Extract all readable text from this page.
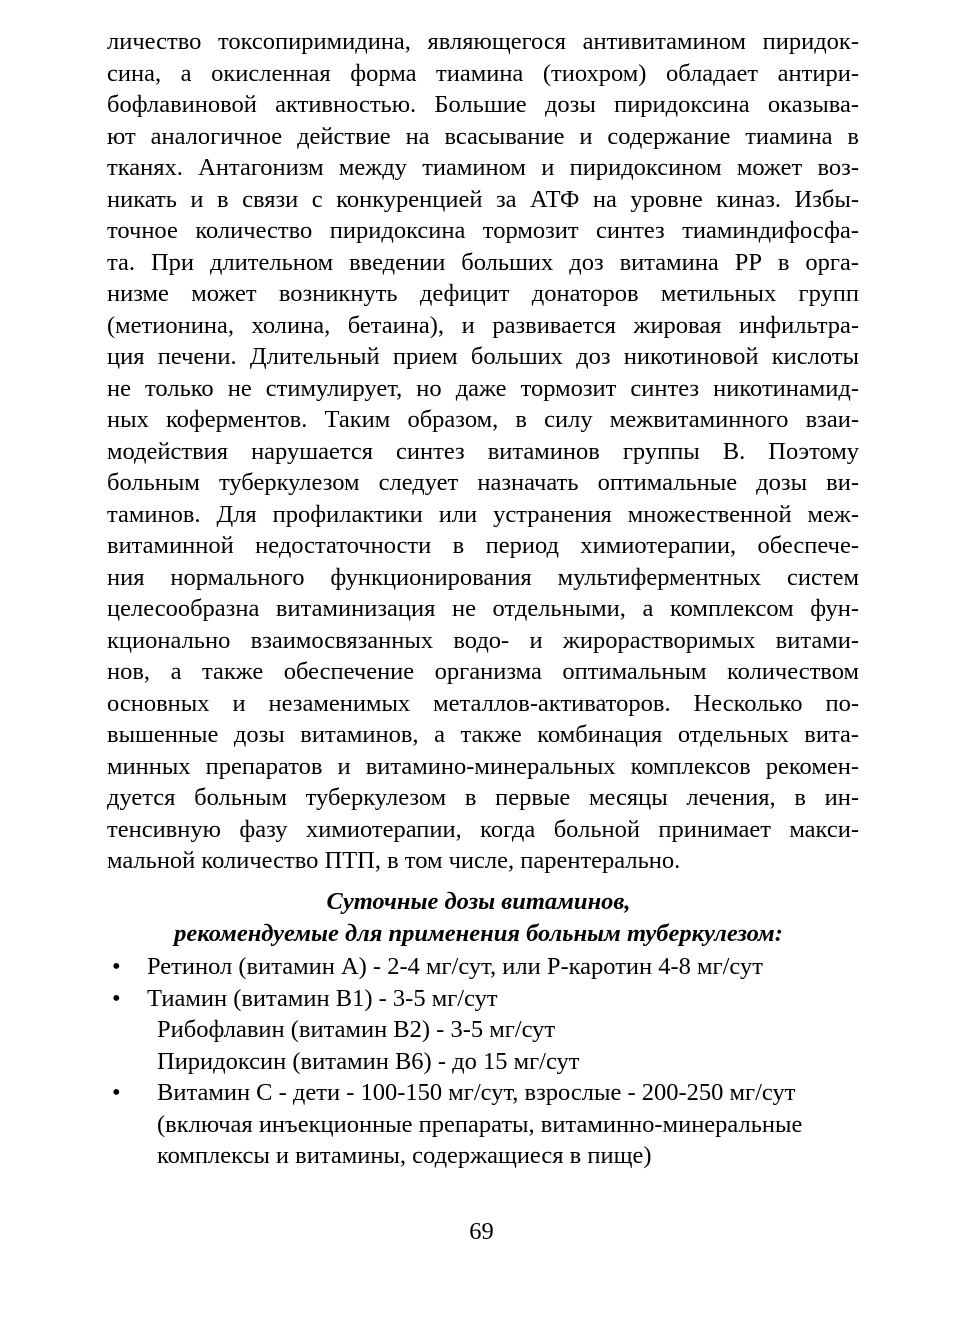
личество токсопиримидина, являющегося антивитамином пиридок-
сина, а окисленная форма тиамина (тиохром) обладает антири-
бофлавиновой активностью. Большие дозы пиридоксина оказыва-
ют аналогичное действие на всасывание и содержание тиамина в
тканях. Антагонизм между тиамином и пиридоксином может воз-
никать и в связи с конкуренцией за АТФ на уровне киназ. Избы-
точное количество пиридоксина тормозит синтез тиаминдифосфа-
та. При длительном введении больших доз витамина РР в орга-
низме может возникнуть дефицит донаторов метильных групп
(метионина, холина, бетаина), и развивается жировая инфильтра-
ция печени. Длительный прием больших доз никотиновой кислоты
не только не стимулирует, но даже тормозит синтез никотинамид-
ных коферментов. Таким образом, в силу межвитаминного взаи-
модействия нарушается синтез витаминов группы В. Поэтому
больным туберкулезом следует назначать оптимальные дозы ви-
таминов. Для профилактики или устранения множественной меж-
витаминной недостаточности в период химиотерапии, обеспече-
ния нормального функционирования мультиферментных систем
целесообразна витаминизация не отдельными, а комплексом фун-
кционально взаимосвязанных водо- и жирорастворимых витами-
нов, а также обеспечение организма оптимальным количеством
основных и незаменимых металлов-активаторов. Несколько по-
вышенные дозы витаминов, а также комбинация отдельных вита-
минных препаратов и витамино-минеральных комплексов рекомен-
дуется больным туберкулезом в первые месяцы лечения, в ин-
тенсивную фазу химиотерапии, когда больной принимает макси-
мальной количество ПТП, в том числе, парентерально.
Суточные дозы витаминов,
рекомендуемые для применения больным туберкулезом:
• Ретинол (витамин А) - 2-4 мг/сут, или Р-каротин 4-8 мг/сут
• Тиамин (витамин В1) - 3-5 мг/сут
Рибофлавин (витамин В2) - 3-5 мг/сут
Пиридоксин (витамин В6) - до 15 мг/сут
• Витамин С - дети - 100-150 мг/сут, взрослые - 200-250 мг/сут
(включая инъекционные препараты, витаминно-минеральные
комплексы и витамины, содержащиеся в пище)
69
